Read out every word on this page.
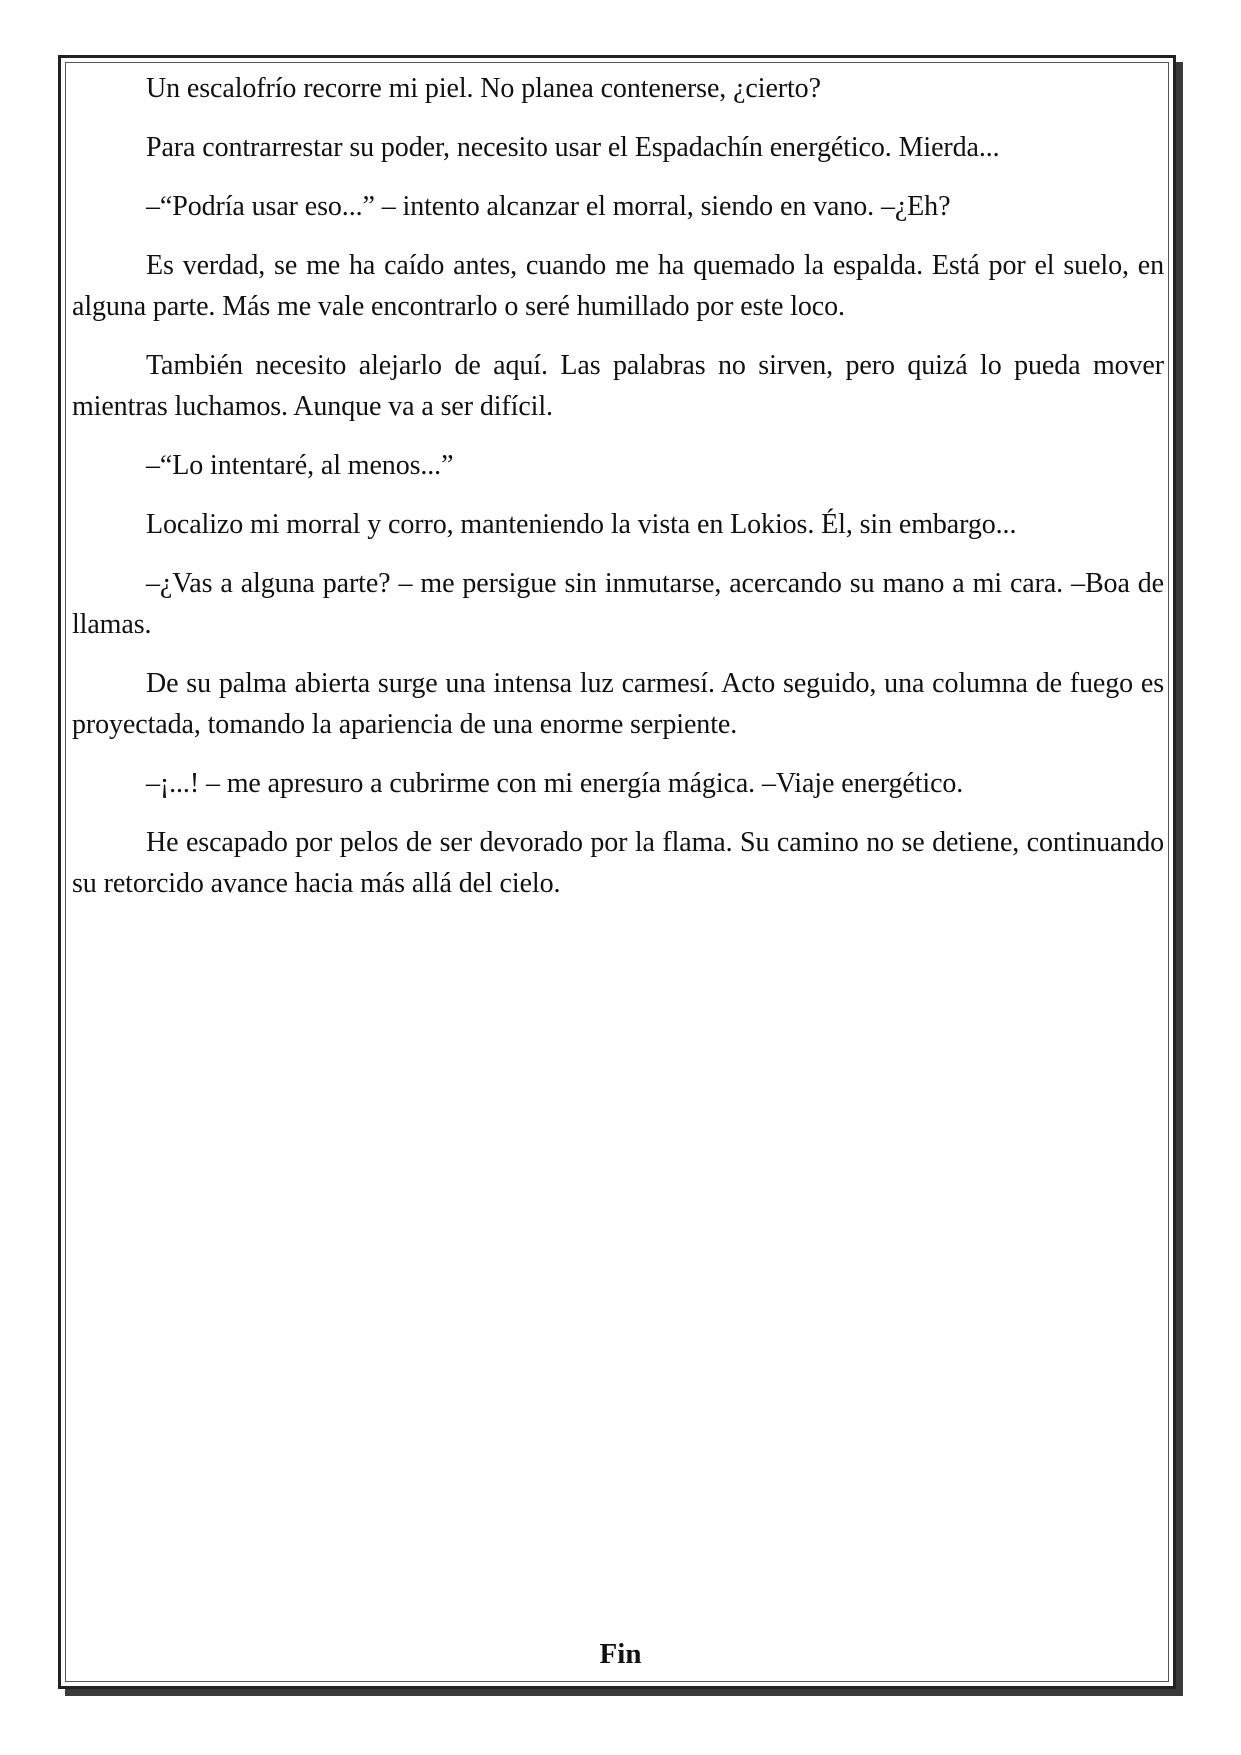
Un escalofrío recorre mi piel. No planea contenerse, ¿cierto?

Para contrarrestar su poder, necesito usar el Espadachín energético. Mierda...

–“Podría usar eso...” – intento alcanzar el morral, siendo en vano. –¿Eh?

Es verdad, se me ha caído antes, cuando me ha quemado la espalda. Está por el suelo, en alguna parte. Más me vale encontrarlo o seré humillado por este loco.

También necesito alejarlo de aquí. Las palabras no sirven, pero quizá lo pueda mover mientras luchamos. Aunque va a ser difícil.

–“Lo intentaré, al menos...”

Localizo mi morral y corro, manteniendo la vista en Lokios. Él, sin embargo...

–¿Vas a alguna parte? – me persigue sin inmutarse, acercando su mano a mi cara. –Boa de llamas.

De su palma abierta surge una intensa luz carmesí. Acto seguido, una columna de fuego es proyectada, tomando la apariencia de una enorme serpiente.

–¡...! – me apresuro a cubrirme con mi energía mágica. –Viaje energético.

He escapado por pelos de ser devorado por la flama. Su camino no se detiene, continuando su retorcido avance hacia más allá del cielo.

Fin
